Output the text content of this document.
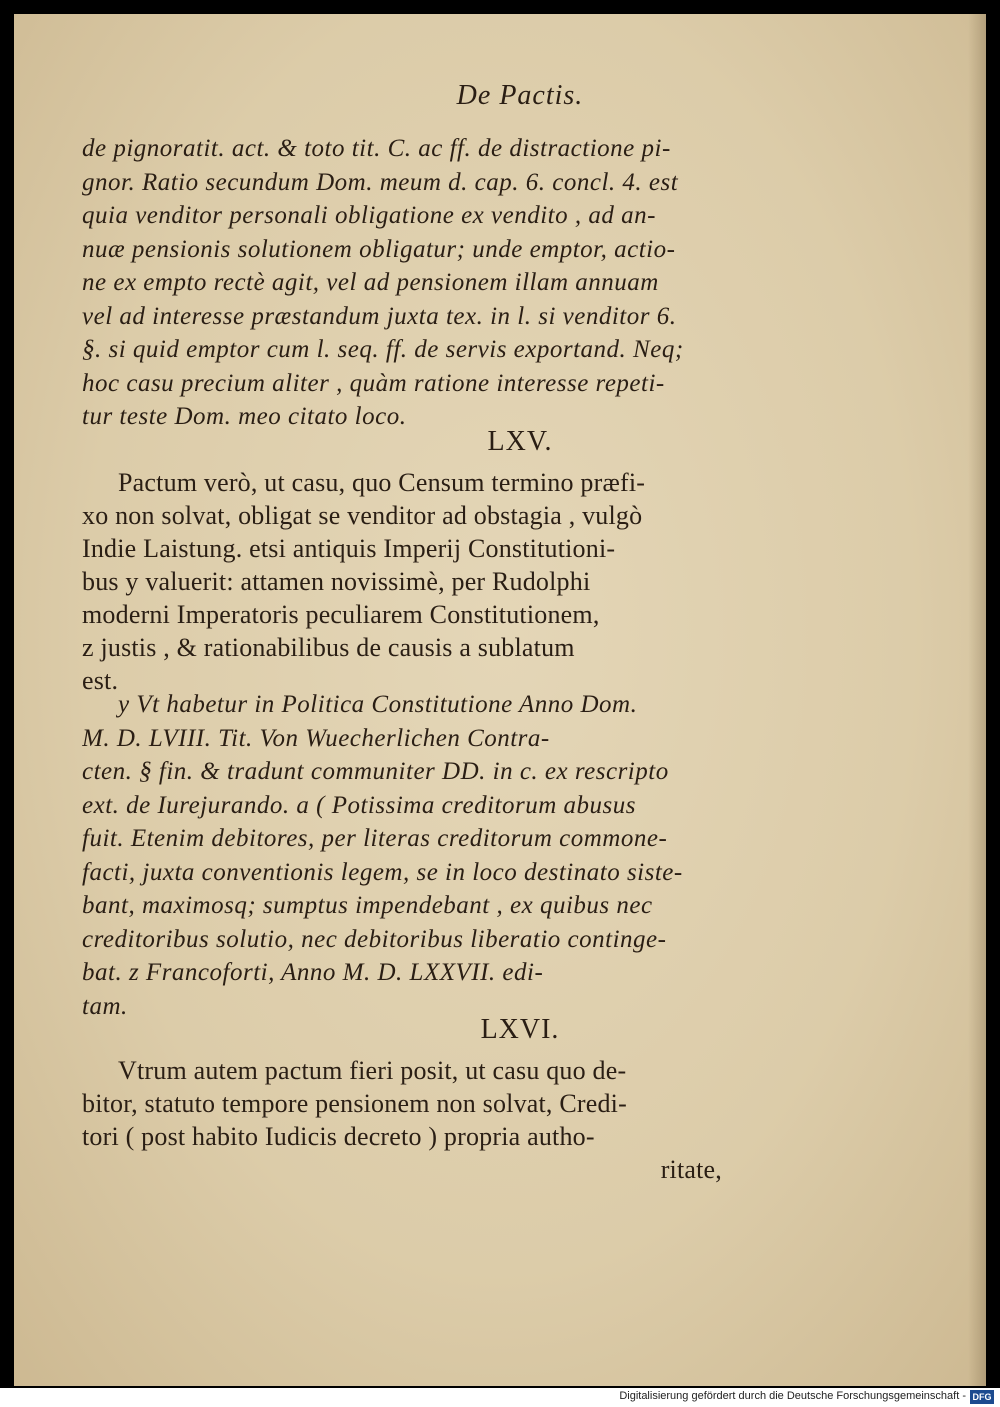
De Pactis.
de pignoratit. act. & toto tit. C. ac ff. de distractione pi-
gnor. Ratio secundum Dom. meum d. cap. 6. concl. 4. est
quia venditor personali obligatione ex vendito , ad an-
nuæ pensionis solutionem obligatur; unde emptor, actio-
ne ex empto rectè agit, vel ad pensionem illam annuam
vel ad interesse præstandum juxta tex. in l. si venditor 6.
§. si quid emptor cum l. seq. ff. de servis exportand. Neq;
hoc casu precium aliter , quàm ratione interesse repeti-
tur teste Dom. meo citato loco.
LXV.
Pactum verò, ut casu, quo Censum termino præfi-
xo non solvat, obligat se venditor ad obstagia , vulgò
Indie Laistung. etsi antiquis Imperij Constitutioni-
bus y valuerit: attamen novissimè, per Rudolphi
moderni Imperatoris peculiarem Constitutionem,
z justis , & rationabilibus de causis a sublatum
est.
y Vt habetur in Politica Constitutione Anno Dom.
M. D. LVIII. Tit. Von Wuecherlichen Contra-
cten. § fin. & tradunt communiter DD. in c. ex rescripto
ext. de Iurejurando. a ( Potissima creditorum abusus
fuit. Etenim debitores, per literas creditorum commone-
facti, juxta conventionis legem, se in loco destinato siste-
bant, maximosq; sumptus impendebant , ex quibus nec
creditoribus solutio, nec debitoribus liberatio continge-
bat. z Francoforti, Anno M. D. LXXVII. edi-
tam.
LXVI.
Vtrum autem pactum fieri posit, ut casu quo de-
bitor, statuto tempore pensionem non solvat, Credi-
tori ( post habito Iudicis decreto ) propria autho-
ritate,
Digitalisierung gefördert durch die Deutsche Forschungsgemeinschaft - DFG
